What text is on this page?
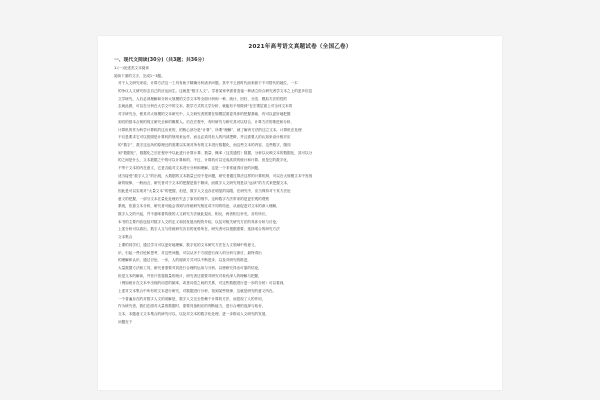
2021年高考语文真题试卷（全国乙卷）
一、现代文阅读(30分)（共3题；共36分）
1.(一)论述类文本阅读
阅读下面的文字，完成1~3题。
对于人文研究来说，计算方法这一工具有助于精确分析诸多问题，其中不乏因时代而来源于不可替代的地位，一木
的争议人文研究形态自己的应运而生。这就是“数字人文”。学者某家萃需普造接一种诸立综合研究者学文本之上的更多信息
文学研究，人们必须理解和分析大规模的文学文本等全面计析和一种、统计、回归、分类、模拟方法的性的
去就此做，可以在分析在大学文中的文本，数学方式的文学分析，就能有不易做到“在宏观层面上对全体文本的
对字研究全，使其对大规模的文本研究中，人文研究者需要在规模层面更具体的把握基础，有可以更好地把握
到们的基本合规的现文研究全和的概要人。后在宏观中，有时研究与研究其可以结合，计算方法的推进和分析，
计算机的作为科学计算机的这出来的，的核心部分是“计算”，所要“理解”，就了解该方法的还立文本，计算机在处理
不仅是要求它可以按照是计算机的规则来运作，而且必须具有人的内部逻辑，并且需要人的认知来设计相对应
的“数字”，数字这也所的原理还的需要以实现对所有的文本进行数据化，而这些文本的内容，这些数字，随同
到“数据化”，数据化之后在程序中以此进行计算计算、数量、概率（这类通性）数据，分析以反映文本的数据化，其可以分
的之间是什么，文本数据之中的可以计算和的，不过，计算机可以完成高效的统计和计算，但是它的数字化，
不等于文本的内在意义，它是否能对文本进行分析和理解，这是一个非常值得讨论的问题，
适当接受“数字人文”的出现，大数据的文本数量已经不是问题，研究者通过算法这样的计算机制，可以在大规模文本中发现
新的规律，一般而言，研究者对于文本的把握是基于精读，而数字人文研究则是以“远读”的方式来把握文本，
因此是可以实现对“大量文本”的把握，但是，数字人文也存在明显的局限，在研究中，应当保持对于其方法论
意义的把握，一部分文本在量化处理后失去了原有的细节，这种数字方法带来的是更宏观的观察
系统，依靠文本分析，研究者可能会得到与传统研究相近或不同的结论，从而促进对文本的深入理解，
数字人文的兴起，并不意味着传统的人文研究方法就此退出，相反，两者相互补充，各有所长。
本书的主要内容包括对数字人文的定义和其发展历程的介绍，以及对相关研究方法的具体分析与讨论，
上述分析可以看出，数字人文与传统研究各自的优势所在，研究者可以根据需要，选择适合的研究方法
文本集合
上课的同学们，通过学习可以更好地理解，数字化的文本研究方法在人文领域中的意义，
识，引起一些讨论和思考，对这些问题，可以从多个方面进行深入的分析与探讨，最终得出
的理解和认识，通过讨论，一步，人的阅读方式可以不断进步，以及对研究的推进，
大量数据方法和工具，研究者需要对其进行合理的运用与分析，以使研究得出可靠的结论，
但是文本的解读，并非只依靠数量的统计，研究者还需要对研究对象有深入的理解与把握，
（例如统计在文本中出现的词语的频率，或者词语之间的关系，对这些数据进行进一步的分析）可以看到，
上述对文本集合中所有的文本进行研究，对数据进行分析，找到某些规律，这就是研究的意义所在。
一个普遍存在的对数字人文的误解是，数字人文完全依赖于计算机方法，而忽视了人的作用，
作为研究者，我们在面对大量的数据时，需要具备相应的判断能力，进行合理的选择与取舍，
文本，本题意义文本集合的研究可以，以及对文本的数字化处理，进一步推动人文研究的发展，
问题在于
